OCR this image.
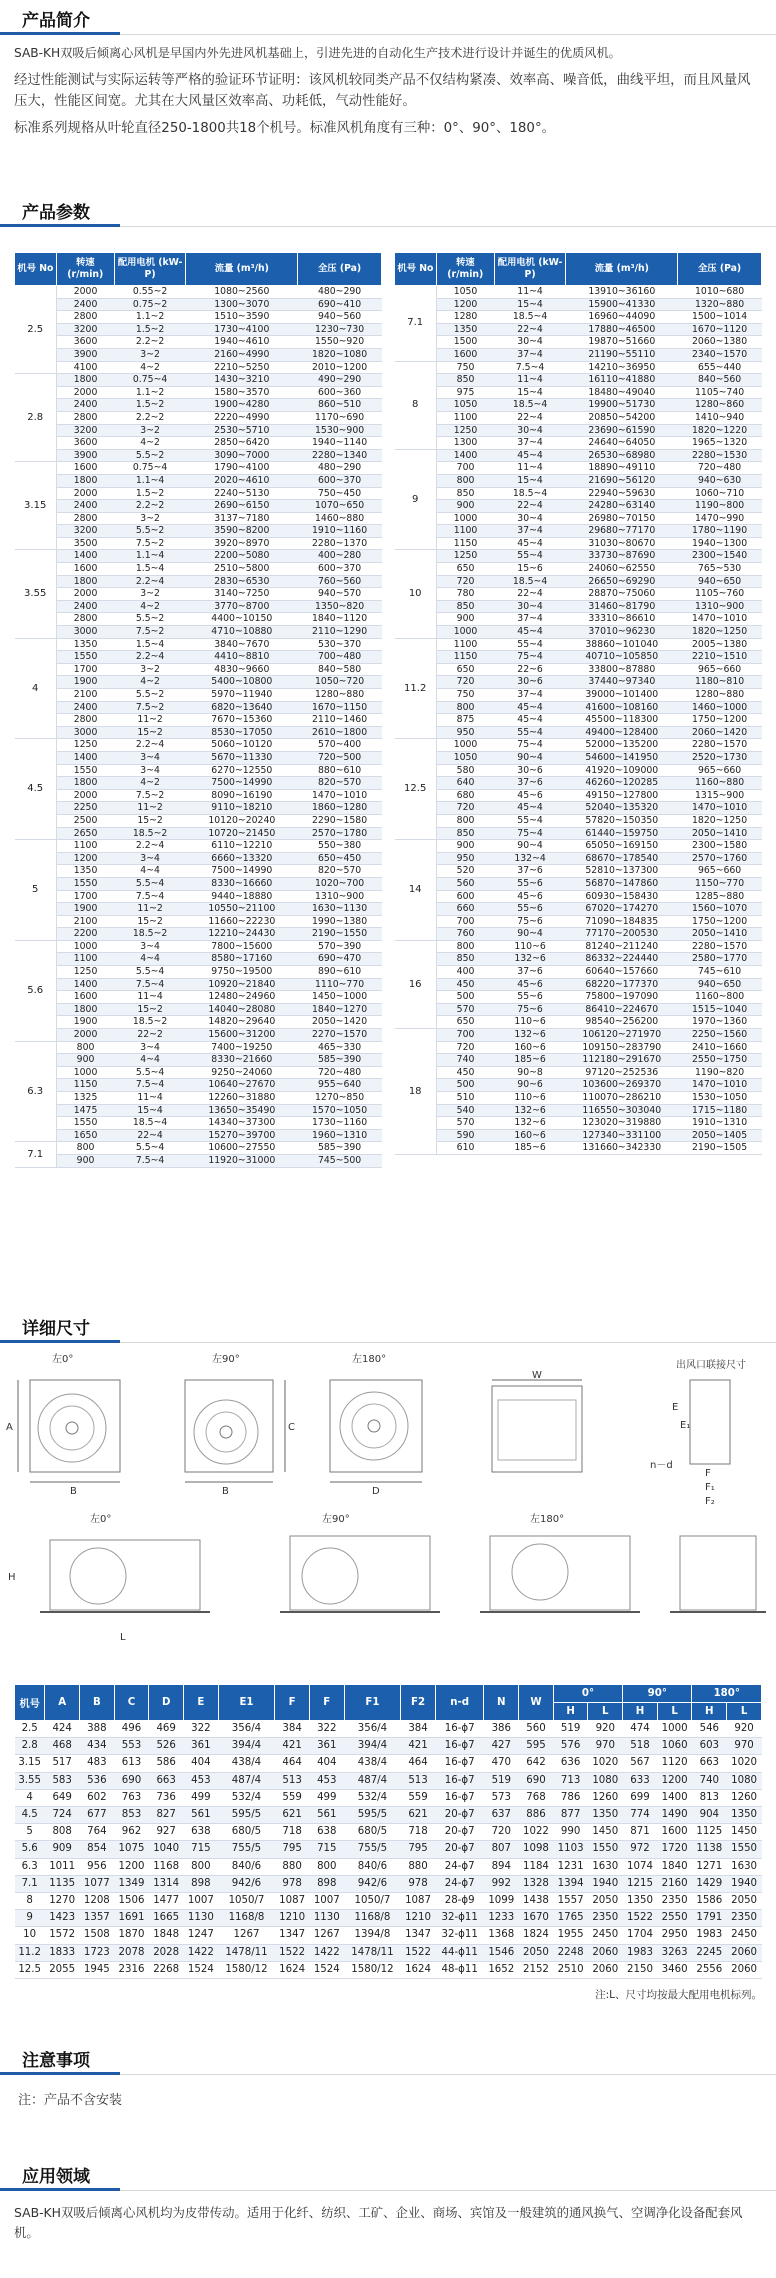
产品简介

SAB-KH双吸后倾离心风机是早国内外先进风机基础上，引进先进的自动化生产技术进行设计并诞生的优质风机。

经过性能测试与实际运转等严格的验证环节证明：该风机较同类产品不仅结构紧凑、效率高、噪音低，曲线平坦，而且风量风压大，性能区间宽。尤其在大风量区效率高、功耗低，气动性能好。

标准系列规格从叶轮直径250-1800共18个机号。标准风机角度有三种：0°、90°、180°。

产品参数
机号 No	转速 (r/min)	配用电机 (kW-P)	流量 (m³/h)	全压 (Pa)
2.5	2000	0.55~2	1080~2560	480~290
	2400	0.75~2	1300~3070	690~410
	2800	1.1~2	1510~3590	940~560
	3200	1.5~2	1730~4100	1230~730
	3600	2.2~2	1940~4610	1550~920
	3900	3~2	2160~4990	1820~1080
	4100	4~2	2210~5250	2010~1200
2.8	1800	0.75~4	1430~3210	490~290
	2000	1.1~2	1580~3570	600~360
	2400	1.5~2	1900~4280	860~510
	2800	2.2~2	2220~4990	1170~690
	3200	3~2	2530~5710	1530~900
	3600	4~2	2850~6420	1940~1140
	3900	5.5~2	3090~7000	2280~1340
3.15	1600	0.75~4	1790~4100	480~290
	1800	1.1~4	2020~4610	600~370
	2000	1.5~2	2240~5130	750~450
	2400	2.2~2	2690~6150	1070~650
	2800	3~2	3137~7180	1460~880
	3200	5.5~2	3590~8200	1910~1160
	3500	7.5~2	3920~8970	2280~1370
3.55	1400	1.1~4	2200~5080	400~280
	1600	1.5~4	2510~5800	600~370
	1800	2.2~4	2830~6530	760~560
	2000	3~2	3140~7250	940~570
	2400	4~2	3770~8700	1350~820
	2800	5.5~2	4400~10150	1840~1120
	3000	7.5~2	4710~10880	2110~1290
4	1350	1.5~4	3840~7670	530~370
	1550	2.2~4	4410~8810	700~480
	1700	3~2	4830~9660	840~580
	1900	4~2	5400~10800	1050~720
	2100	5.5~2	5970~11940	1280~880
	2400	7.5~2	6820~13640	1670~1150
	2800	11~2	7670~15360	2110~1460
	3000	15~2	8530~17050	2610~1800
4.5	1250	2.2~4	5060~10120	570~400
	1400	3~4	5670~11330	720~500
	1550	3~4	6270~12550	880~610
	1800	4~2	7500~14990	820~570
	2000	7.5~2	8090~16190	1470~1010
	2250	11~2	9110~18210	1860~1280
	2500	15~2	10120~20240	2290~1580
	2650	18.5~2	10720~21450	2570~1780
5	1100	2.2~4	6110~12210	550~380
	1200	3~4	6660~13320	650~450
	1350	4~4	7500~14990	820~570
	1550	5.5~4	8330~16660	1020~700
	1700	7.5~4	9440~18880	1310~900
	1900	11~2	10550~21100	1630~1130
	2100	15~2	11660~22230	1990~1380
	2200	18.5~2	12210~24430	2190~1550
5.6	1000	3~4	7800~15600	570~390
	1100	4~4	8580~17160	690~470
	1250	5.5~4	9750~19500	890~610
	1400	7.5~4	10920~21840	1110~770
	1600	11~4	12480~24960	1450~1000
	1800	15~2	14040~28080	1840~1270
	1900	18.5~2	14820~29640	2050~1420
	2000	22~2	15600~31200	2270~1570
6.3	800	3~4	7400~19250	465~330
	900	4~4	8330~21660	585~390
	1000	5.5~4	9250~24060	720~480
	1150	7.5~4	10640~27670	955~640
	1325	11~4	12260~31880	1270~850
	1475	15~4	13650~35490	1570~1050
	1550	18.5~4	14340~37300	1730~1160
	1650	22~4	15270~39700	1960~1310
7.1	800	5.5~4	10600~27550	585~390
	900	7.5~4	11920~31000	745~500
机号 No	转速 (r/min)	配用电机 (kW-P)	流量 (m³/h)	全压 (Pa)
7.1	1050	11~4	13910~36160	1010~680
	1200	15~4	15900~41330	1320~880
	1280	18.5~4	16960~44090	1500~1014
	1350	22~4	17880~46500	1670~1120
	1500	30~4	19870~51660	2060~1380
	1600	37~4	21190~55110	2340~1570
8	750	7.5~4	14210~36950	655~440
	850	11~4	16110~41880	840~560
	975	15~4	18480~49040	1105~740
	1050	18.5~4	19900~51730	1280~860
	1100	22~4	20850~54200	1410~940
	1250	30~4	23690~61590	1820~1220
	1300	37~4	24640~64050	1965~1320
9	1400	45~4	26530~68980	2280~1530
	700	11~4	18890~49110	720~480
	800	15~4	21690~56120	940~630
	850	18.5~4	22940~59630	1060~710
	900	22~4	24280~63140	1190~800
	1000	30~4	26980~70150	1470~990
	1100	37~4	29680~77170	1780~1190
	1150	45~4	31030~80670	1940~1300
10	1250	55~4	33730~87690	2300~1540
	650	15~6	24060~62550	765~530
	720	18.5~4	26650~69290	940~650
	780	22~4	28870~75060	1105~760
	850	30~4	31460~81790	1310~900
	900	37~4	33310~86610	1470~1010
	1000	45~4	37010~96230	1820~1250
11.2	1100	55~4	38860~101040	2005~1380
	1150	75~4	40710~105850	2210~1510
	650	22~6	33800~87880	965~660
	720	30~6	37440~97340	1180~810
	750	37~4	39000~101400	1280~880
	800	45~4	41600~108160	1460~1000
	875	45~4	45500~118300	1750~1200
	950	55~4	49400~128400	2060~1420
12.5	1000	75~4	52000~135200	2280~1570
	1050	90~4	54600~141950	2520~1730
	580	30~6	41920~109000	965~660
	640	37~6	46260~120285	1160~880
	680	45~6	49150~127800	1315~900
	720	45~4	52040~135320	1470~1010
	800	55~4	57820~150350	1820~1250
	850	75~4	61440~159750	2050~1410
14	900	90~4	65050~169150	2300~1580
	950	132~4	68670~178540	2570~1760
	520	37~6	52810~137300	965~660
	560	55~6	56870~147860	1150~770
	600	45~6	60930~158430	1285~880
	660	55~6	67020~174270	1560~1070
	700	75~6	71090~184835	1750~1200
	760	90~4	77170~200530	2050~1410
16	800	110~6	81240~211240	2280~1570
	850	132~6	86332~224440	2580~1770
	400	37~6	60640~157660	745~610
	450	45~6	68220~177370	940~650
	500	55~6	75800~197090	1160~800
	570	75~6	86410~224670	1515~1040
	650	110~6	98540~256200	1970~1360
18	700	132~6	106120~271970	2250~1560
	720	160~6	109150~283790	2410~1660
	740	185~6	112180~291670	2550~1750
	450	90~8	97120~252536	1190~820
	500	90~6	103600~269370	1470~1010
	510	110~6	110070~286210	1530~1050
	540	132~6	116550~303040	1715~1180
	570	132~6	123020~319880	1910~1310
	590	160~6	127340~331100	2050~1405
	610	185~6	131660~342330	2190~1505
详细尺寸
左0°
B
A
左90°
B
C
左180°
D
W
出风口联接尺寸
E
E₁
n－d
F
F₁
F₂
左0°
L
H
左90°	左180°
机号	A	B	C	D	E	E1	F	F	F1	F2	n-d	N	W	0°		90°		180°	
														H	L	H	L	H	L
2.5	424	388	496	469	322	356/4	384	322	356/4	384	16-ϕ7	386	560	519	920	474	1000	546	920
2.8	468	434	553	526	361	394/4	421	361	394/4	421	16-ϕ7	427	595	576	970	518	1060	603	970
3.15	517	483	613	586	404	438/4	464	404	438/4	464	16-ϕ7	470	642	636	1020	567	1120	663	1020
3.55	583	536	690	663	453	487/4	513	453	487/4	513	16-ϕ7	519	690	713	1080	633	1200	740	1080
4	649	602	763	736	499	532/4	559	499	532/4	559	16-ϕ7	573	768	786	1260	699	1400	813	1260
4.5	724	677	853	827	561	595/5	621	561	595/5	621	20-ϕ7	637	886	877	1350	774	1490	904	1350
5	808	764	962	927	638	680/5	718	638	680/5	718	20-ϕ7	720	1022	990	1450	871	1600	1125	1450
5.6	909	854	1075	1040	715	755/5	795	715	755/5	795	20-ϕ7	807	1098	1103	1550	972	1720	1138	1550
6.3	1011	956	1200	1168	800	840/6	880	800	840/6	880	24-ϕ7	894	1184	1231	1630	1074	1840	1271	1630
7.1	1135	1077	1349	1314	898	942/6	978	898	942/6	978	24-ϕ7	992	1328	1394	1940	1215	2160	1429	1940
8	1270	1208	1506	1477	1007	1050/7	1087	1007	1050/7	1087	28-ϕ9	1099	1438	1557	2050	1350	2350	1586	2050
9	1423	1357	1691	1665	1130	1168/8	1210	1130	1168/8	1210	32-ϕ11	1233	1670	1765	2350	1522	2550	1791	2350
10	1572	1508	1870	1848	1247	1267	1347	1267	1394/8	1347	32-ϕ11	1368	1824	1955	2450	1704	2950	1983	2450
11.2	1833	1723	2078	2028	1422	1478/11	1522	1422	1478/11	1522	44-ϕ11	1546	2050	2248	2060	1983	3263	2245	2060
12.5	2055	1945	2316	2268	1524	1580/12	1624	1524	1580/12	1624	48-ϕ11	1652	2152	2510	2060	2150	3460	2556	2060
注:L、尺寸均按最大配用电机标列。
注意事项
注：产品不含安装
应用领域
SAB-KH双吸后倾离心风机均为皮带传动。适用于化纤、纺织、工矿、企业、商场、宾馆及一般建筑的通风换气、空调净化设备配套风机。
